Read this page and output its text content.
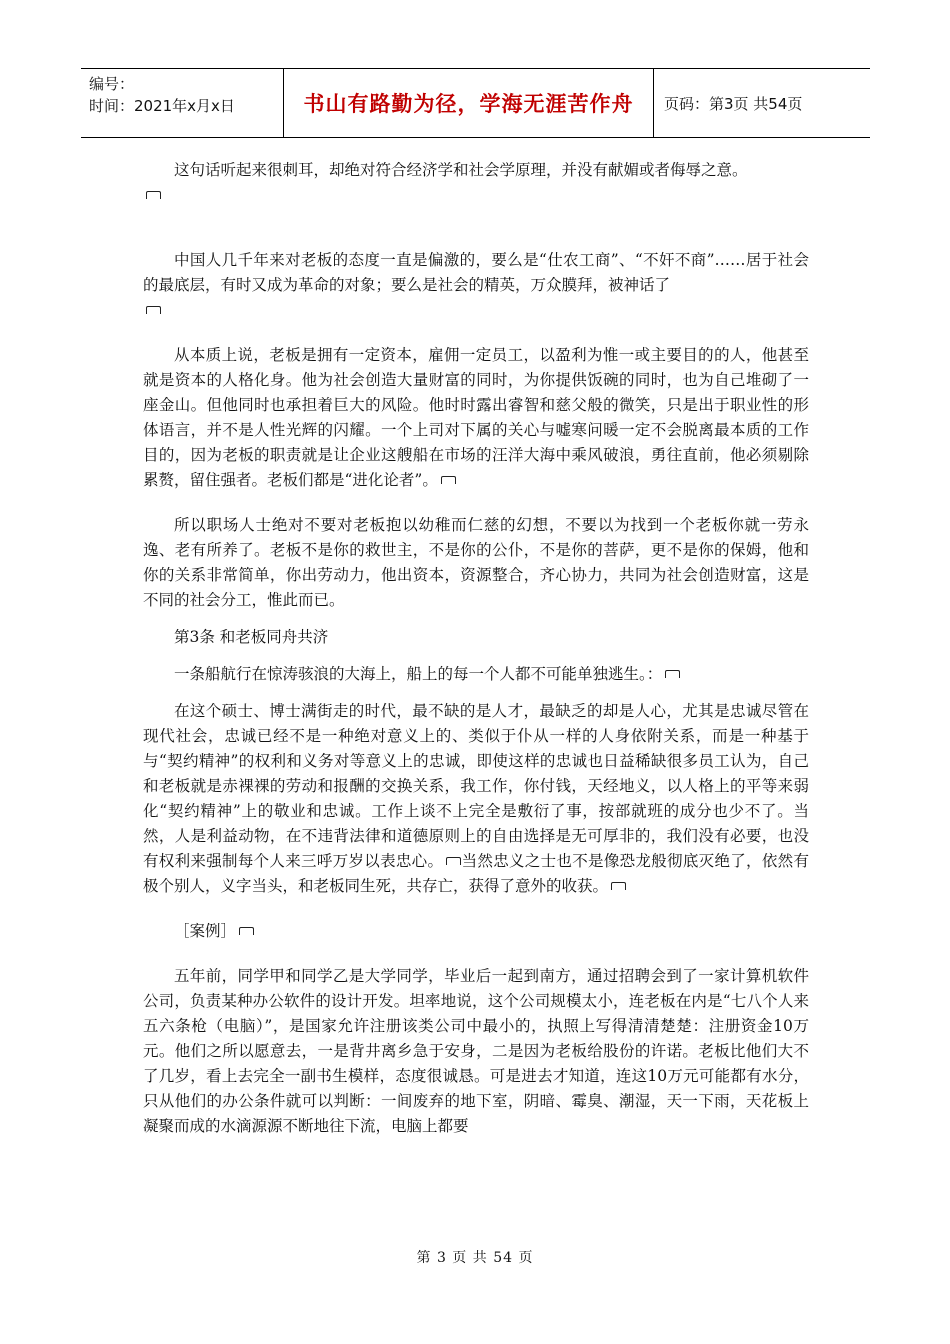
编号：
时间：2021年x月x日	书山有路勤为径，学海无涯苦作舟	页码：第3页 共54页

这句话听起来很刺耳，却绝对符合经济学和社会学原理，并没有献媚或者侮辱之意。

中国人几千年来对老板的态度一直是偏激的，要么是“仕农工商”、“不奸不商”……居于社会的最底层，有时又成为革命的对象；要么是社会的精英，万众膜拜，被神话了

从本质上说，老板是拥有一定资本，雇佣一定员工，以盈利为惟一或主要目的的人，他甚至就是资本的人格化身。他为社会创造大量财富的同时，为你提供饭碗的同时，也为自己堆砌了一座金山。但他同时也承担着巨大的风险。他时时露出睿智和慈父般的微笑，只是出于职业性的形体语言，并不是人性光辉的闪耀。一个上司对下属的关心与嘘寒问暖一定不会脱离最本质的工作目的，因为老板的职责就是让企业这艘船在市场的汪洋大海中乘风破浪，勇往直前，他必须剔除累赘，留住强者。老板们都是“进化论者”。

所以职场人士绝对不要对老板抱以幼稚而仁慈的幻想，不要以为找到一个老板你就一劳永逸、老有所养了。老板不是你的救世主，不是你的公仆，不是你的菩萨，更不是你的保姆，他和你的关系非常简单，你出劳动力，他出资本，资源整合，齐心协力，共同为社会创造财富，这是不同的社会分工，惟此而已。

第3条 和老板同舟共济

一条船航行在惊涛骇浪的大海上，船上的每一个人都不可能单独逃生。：

在这个硕士、博士满街走的时代，最不缺的是人才，最缺乏的却是人心，尤其是忠诚尽管在现代社会，忠诚已经不是一种绝对意义上的、类似于仆从一样的人身依附关系，而是一种基于与“契约精神”的权利和义务对等意义上的忠诚，即使这样的忠诚也日益稀缺很多员工认为，自己和老板就是赤裸裸的劳动和报酬的交换关系，我工作，你付钱，天经地义，以人格上的平等来弱化“契约精神”上的敬业和忠诚。工作上谈不上完全是敷衍了事，按部就班的成分也少不了。当然，人是利益动物，在不违背法律和道德原则上的自由选择是无可厚非的，我们没有必要，也没有权利来强制每个人来三呼万岁以表忠心。 当然忠义之士也不是像恐龙般彻底灭绝了，依然有极个别人，义字当头，和老板同生死，共存亡，获得了意外的收获。

［案例］

五年前，同学甲和同学乙是大学同学，毕业后一起到南方，通过招聘会到了一家计算机软件公司，负责某种办公软件的设计开发。坦率地说，这个公司规模太小，连老板在内是“七八个人来五六条枪（电脑）”，是国家允许注册该类公司中最小的，执照上写得清清楚楚：注册资金10万元。他们之所以愿意去，一是背井离乡急于安身，二是因为老板给股份的许诺。老板比他们大不了几岁，看上去完全一副书生模样，态度很诚恳。可是进去才知道，连这10万元可能都有水分，只从他们的办公条件就可以判断：一间废弃的地下室，阴暗、霉臭、潮湿，天一下雨，天花板上凝聚而成的水滴源源不断地往下流，电脑上都要

第 3 页 共 54 页
